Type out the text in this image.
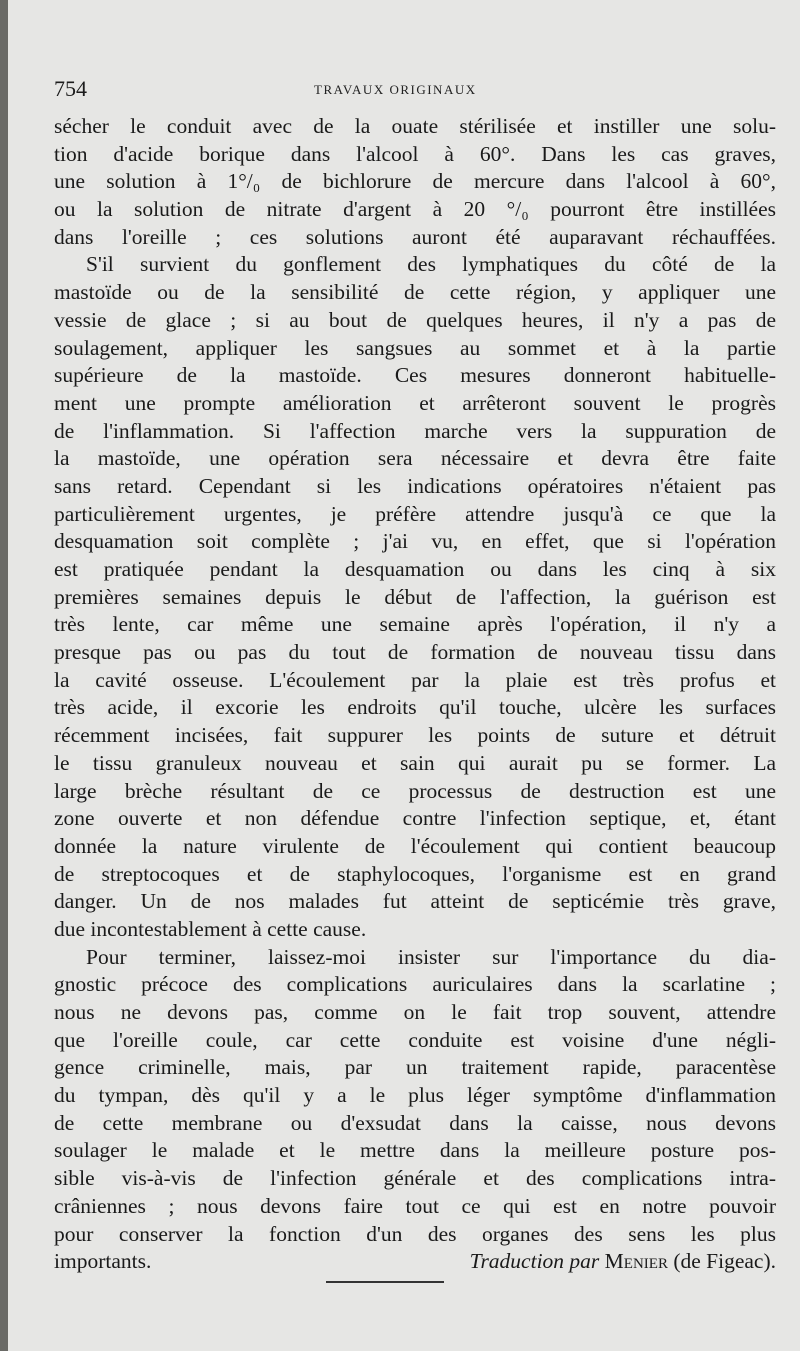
754	TRAVAUX ORIGINAUX
sécher le conduit avec de la ouate stérilisée et instiller une solu-
tion d'acide borique dans l'alcool à 60°. Dans les cas graves,
une solution à 1°/₀ de bichlorure de mercure dans l'alcool à 60°,
ou la solution de nitrate d'argent à 20 °/₀ pourront être instillées
dans l'oreille ; ces solutions auront été auparavant réchauffées.
S'il survient du gonflement des lymphatiques du côté de la
mastoïde ou de la sensibilité de cette région, y appliquer une
vessie de glace ; si au bout de quelques heures, il n'y a pas de
soulagement, appliquer les sangsues au sommet et à la partie
supérieure de la mastoïde. Ces mesures donneront habituelle-
ment une prompte amélioration et arrêteront souvent le progrès
de l'inflammation. Si l'affection marche vers la suppuration de
la mastoïde, une opération sera nécessaire et devra être faite
sans retard. Cependant si les indications opératoires n'étaient pas
particulièrement urgentes, je préfère attendre jusqu'à ce que la
desquamation soit complète ; j'ai vu, en effet, que si l'opération
est pratiquée pendant la desquamation ou dans les cinq à six
premières semaines depuis le début de l'affection, la guérison est
très lente, car même une semaine après l'opération, il n'y a
presque pas ou pas du tout de formation de nouveau tissu dans
la cavité osseuse. L'écoulement par la plaie est très profus et
très acide, il excorie les endroits qu'il touche, ulcère les surfaces
récemment incisées, fait suppurer les points de suture et détruit
le tissu granuleux nouveau et sain qui aurait pu se former. La
large brèche résultant de ce processus de destruction est une
zone ouverte et non défendue contre l'infection septique, et, étant
donnée la nature virulente de l'écoulement qui contient beaucoup
de streptocoques et de staphylocoques, l'organisme est en grand
danger. Un de nos malades fut atteint de septicémie très grave,
due incontestablement à cette cause.
Pour terminer, laissez-moi insister sur l'importance du dia-
gnostic précoce des complications auriculaires dans la scarlatine ;
nous ne devons pas, comme on le fait trop souvent, attendre
que l'oreille coule, car cette conduite est voisine d'une négli-
gence criminelle, mais, par un traitement rapide, paracentèse
du tympan, dès qu'il y a le plus léger symptôme d'inflammation
de cette membrane ou d'exsudat dans la caisse, nous devons
soulager le malade et le mettre dans la meilleure posture pos-
sible vis-à-vis de l'infection générale et des complications intra-
crâniennes ; nous devons faire tout ce qui est en notre pouvoir
pour conserver la fonction d'un des organes des sens les plus
importants.	Traduction par Menier (de Figeac).
